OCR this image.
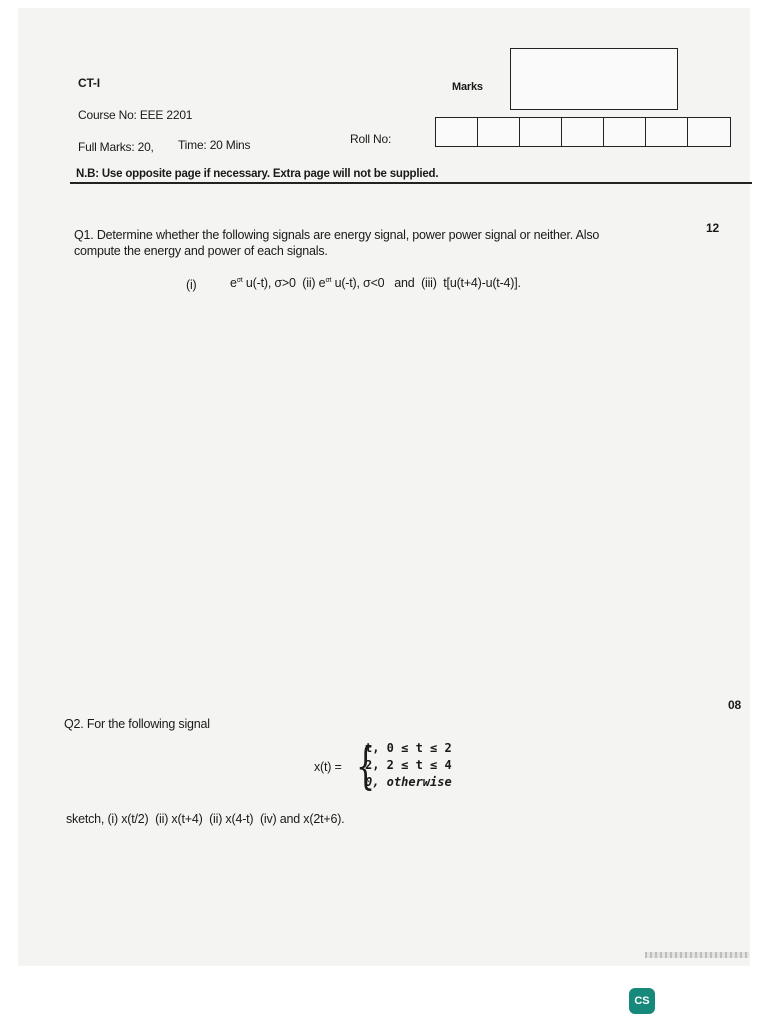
CT-I	Marks
Course No: EEE 2201
Full Marks: 20, Time: 20 Mins	Roll No:
N.B: Use opposite page if necessary. Extra page will not be supplied.
Q1. Determine whether the following signals are energy signal, power power signal or neither. Also	12
compute the energy and power of each signals.
(i)	$e^{\sigma t}$ u(-t), σ>0 (ii) $e^{\sigma t}$ u(-t), σ<0 and (iii) t[u(t+4)-u(t-4)].
08
Q2. For the following signal
x(t) = {
t, 0 ≤ t ≤ 2
2, 2 ≤ t ≤ 4
0, otherwise
sketch, (i) x(t/2) (ii) x(t+4) (ii) x(4-t) (iv) and x(2t+6).
CS
